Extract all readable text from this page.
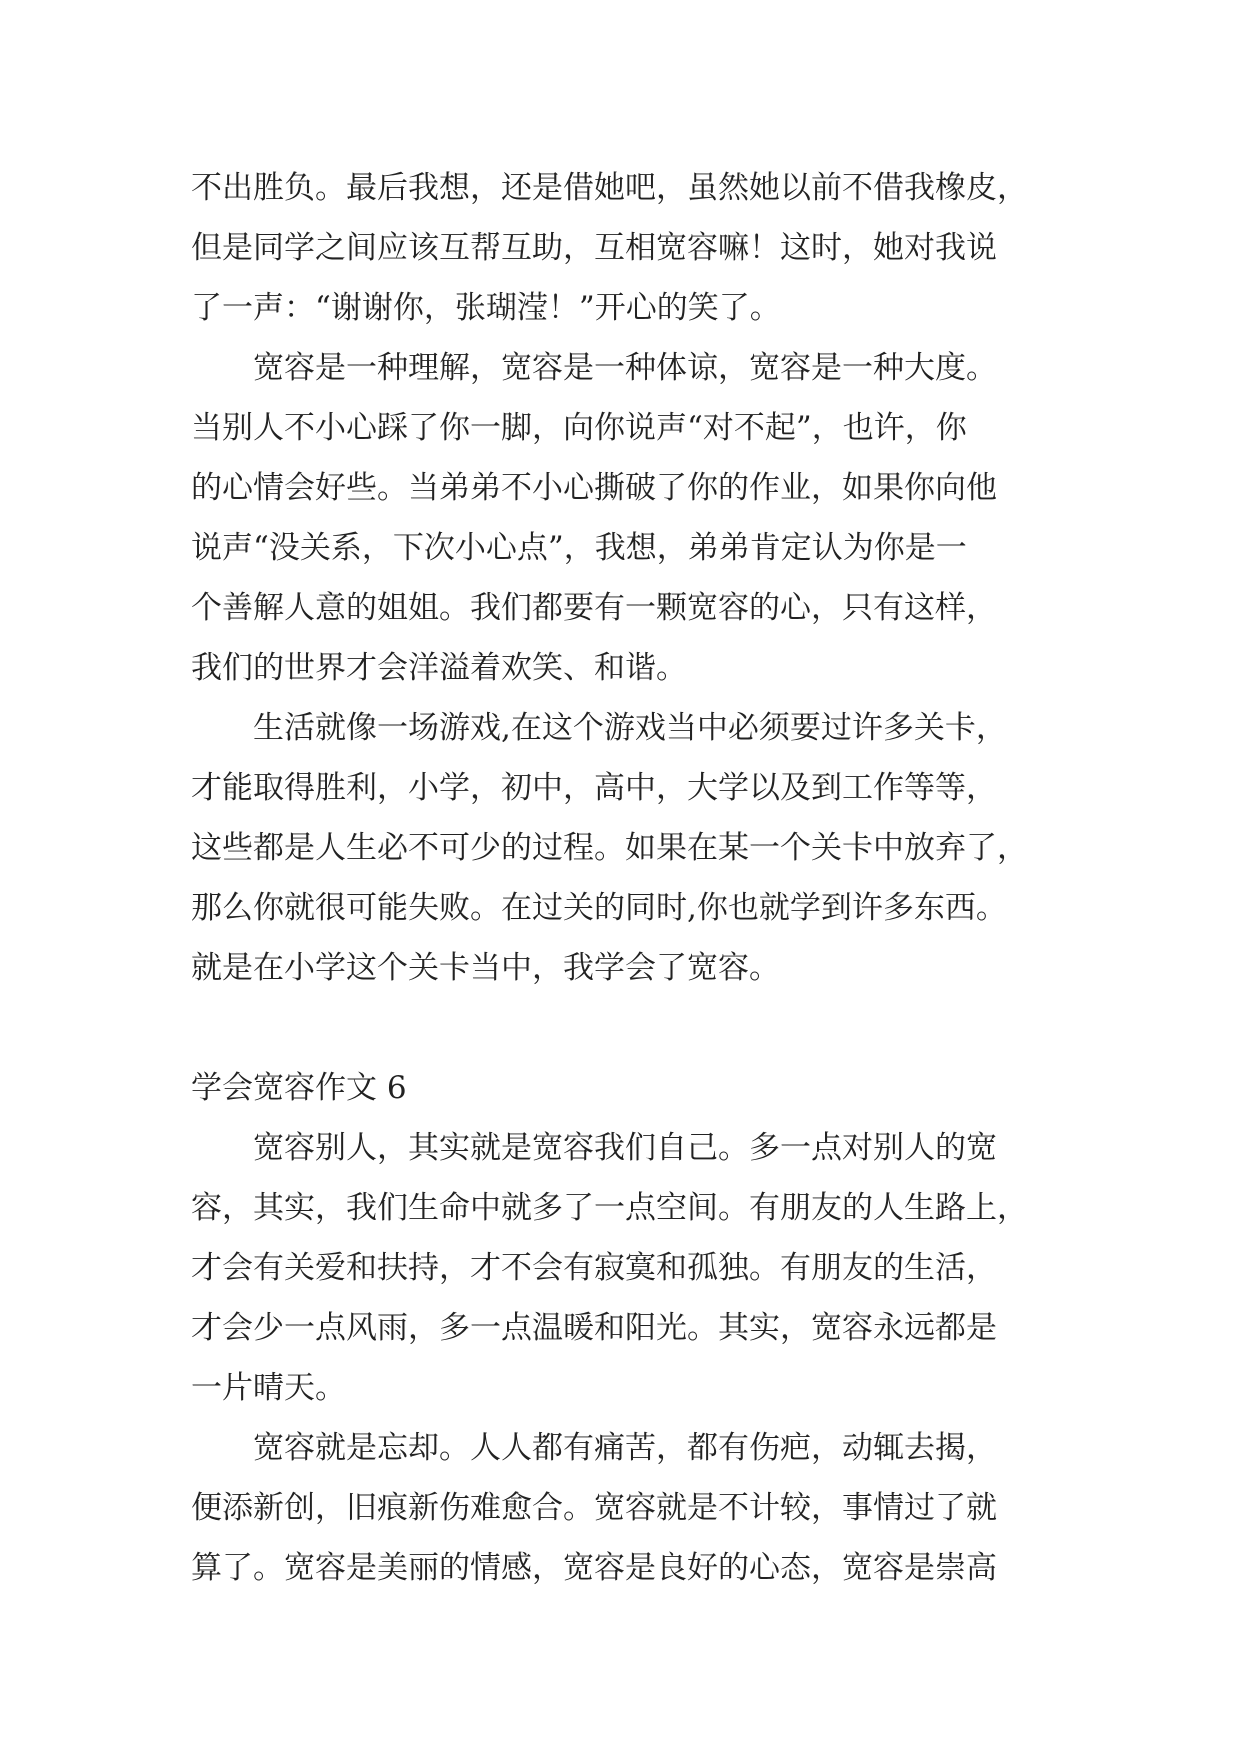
不出胜负。最后我想，还是借她吧，虽然她以前不借我橡皮，
但是同学之间应该互帮互助，互相宽容嘛！这时，她对我说
了一声：“谢谢你，张瑚滢！”开心的笑了。
　　宽容是一种理解，宽容是一种体谅，宽容是一种大度。
当别人不小心踩了你一脚，向你说声“对不起”，也许，你
的心情会好些。当弟弟不小心撕破了你的作业，如果你向他
说声“没关系，下次小心点”，我想，弟弟肯定认为你是一
个善解人意的姐姐。我们都要有一颗宽容的心，只有这样，
我们的世界才会洋溢着欢笑、和谐。
　　生活就像一场游戏,在这个游戏当中必须要过许多关卡，
才能取得胜利，小学，初中，高中，大学以及到工作等等，
这些都是人生必不可少的过程。如果在某一个关卡中放弃了，
那么你就很可能失败。在过关的同时,你也就学到许多东西。
就是在小学这个关卡当中，我学会了宽容。
学会宽容作文 6
　　宽容别人，其实就是宽容我们自己。多一点对别人的宽
容，其实，我们生命中就多了一点空间。有朋友的人生路上，
才会有关爱和扶持，才不会有寂寞和孤独。有朋友的生活，
才会少一点风雨，多一点温暖和阳光。其实，宽容永远都是
一片晴天。
　　宽容就是忘却。人人都有痛苦，都有伤疤，动辄去揭，
便添新创，旧痕新伤难愈合。宽容就是不计较，事情过了就
算了。宽容是美丽的情感，宽容是良好的心态，宽容是崇高
